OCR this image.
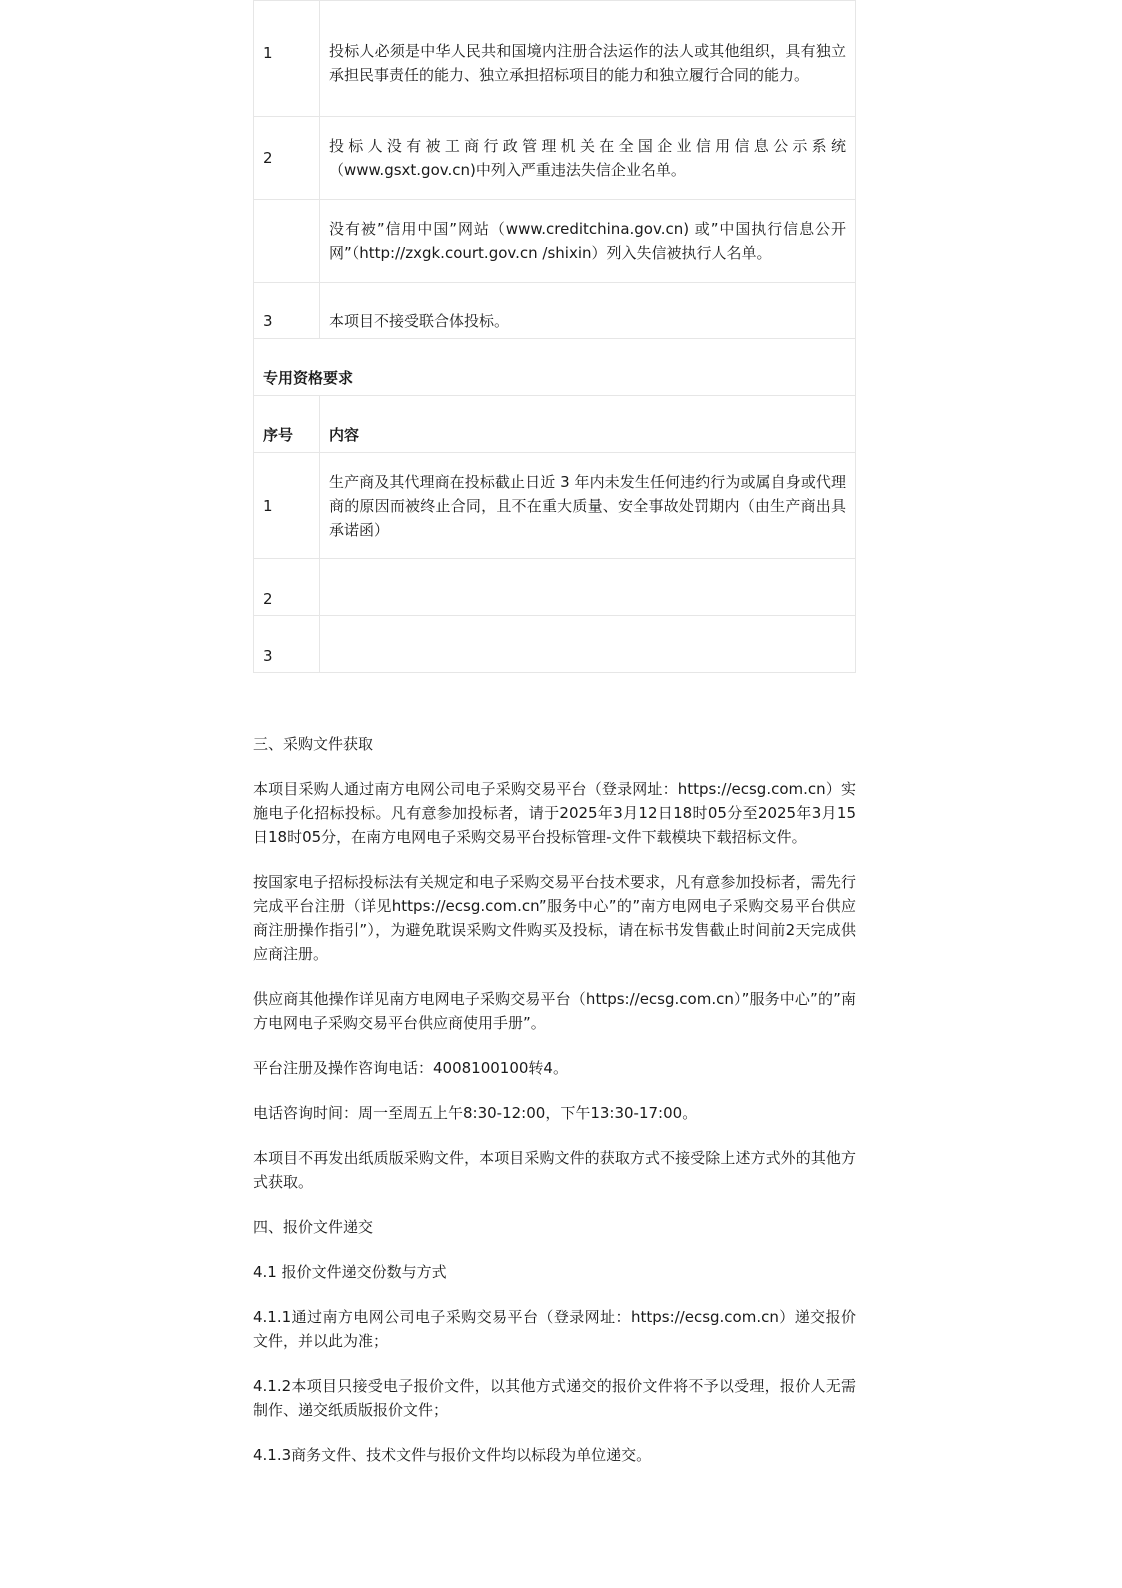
1	投标人必须是中华人民共和国境内注册合法运作的法人或其他组织，具有独立承担民事责任的能力、独立承担招标项目的能力和独立履行合同的能力。
2	投标人没有被工商行政管理机关在全国企业信用信息公示系统（www.gsxt.gov.cn)中列入严重违法失信企业名单。
	没有被”信用中国”网站（www.creditchina.gov.cn) 或”中国执行信息公开网”（http://zxgk.court.gov.cn /shixin）列入失信被执行人名单。
3	本项目不接受联合体投标。
专用资格要求	
序号	内容
1	生产商及其代理商在投标截止日近 3 年内未发生任何违约行为或属自身或代理商的原因而被终止合同，且不在重大质量、安全事故处罚期内（由生产商出具承诺函）
2	
3	

三、采购文件获取

本项目采购人通过南方电网公司电子采购交易平台（登录网址：https://ecsg.com.cn）实施电子化招标投标。凡有意参加投标者，请于2025年3月12日18时05分至2025年3月15日18时05分，在南方电网电子采购交易平台投标管理-文件下载模块下载招标文件。

按国家电子招标投标法有关规定和电子采购交易平台技术要求，凡有意参加投标者，需先行完成平台注册（详见https://ecsg.com.cn”服务中心”的”南方电网电子采购交易平台供应商注册操作指引”），为避免耽误采购文件购买及投标，请在标书发售截止时间前2天完成供应商注册。

供应商其他操作详见南方电网电子采购交易平台（https://ecsg.com.cn）”服务中心”的”南方电网电子采购交易平台供应商使用手册”。

平台注册及操作咨询电话：4008100100转4。

电话咨询时间：周一至周五上午8:30-12:00，下午13:30-17:00。

本项目不再发出纸质版采购文件，本项目采购文件的获取方式不接受除上述方式外的其他方式获取。

四、报价文件递交

4.1 报价文件递交份数与方式

4.1.1通过南方电网公司电子采购交易平台（登录网址：https://ecsg.com.cn）递交报价文件，并以此为准；

4.1.2本项目只接受电子报价文件，以其他方式递交的报价文件将不予以受理，报价人无需制作、递交纸质版报价文件；

4.1.3商务文件、技术文件与报价文件均以标段为单位递交。
